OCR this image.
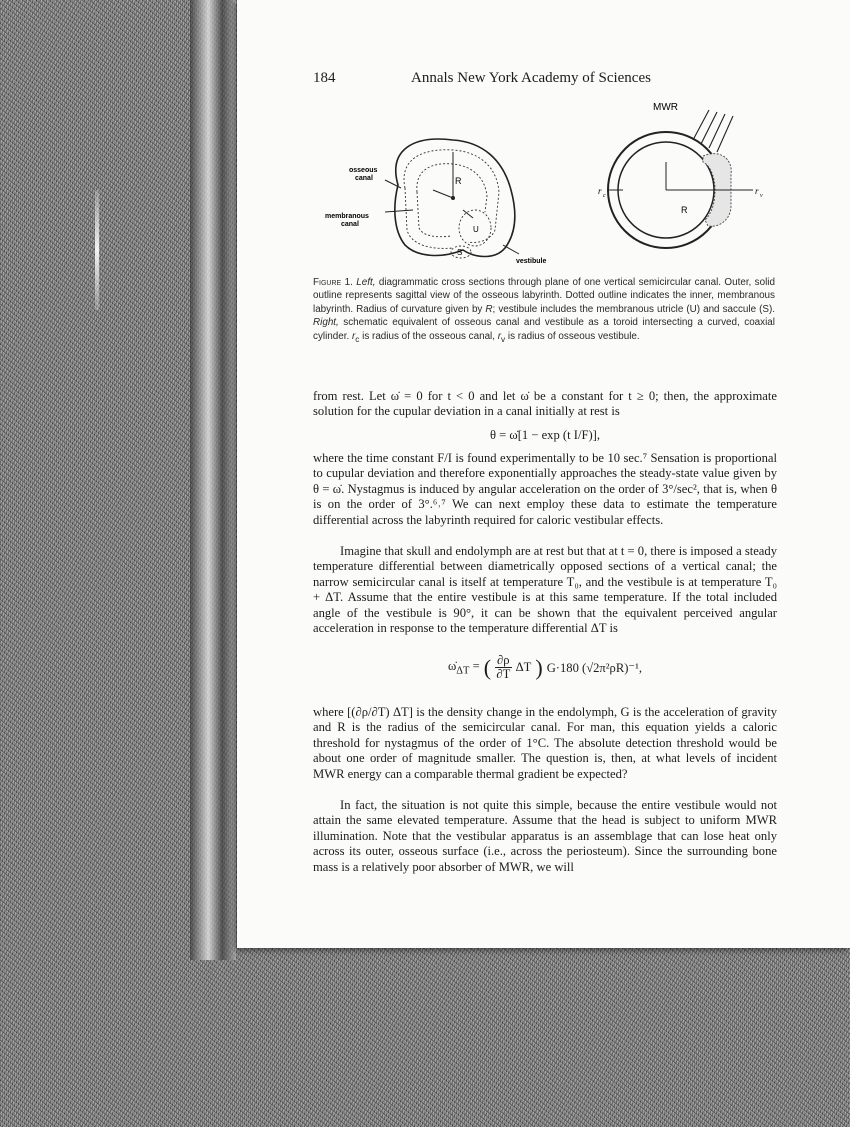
184	Annals New York Academy of Sciences
osseous
canal
membranous
canal
R
U
S
vestibule
MWR
r c
R
r v
Figure 1. Left, diagrammatic cross sections through plane of one vertical semicircular canal. Outer, solid outline represents sagittal view of the osseous labyrinth. Dotted outline indicates the inner, membranous labyrinth. Radius of curvature given by R; vestibule includes the membranous utricle (U) and saccule (S). Right, schematic equivalent of osseous canal and vestibule as a toroid intersecting a curved, coaxial cylinder. $r_c$ is radius of the osseous canal, $r_v$ is radius of osseous vestibule.

from rest. Let ω̇ = 0 for t < 0 and let ω̇ be a constant for t ≥ 0; then, the approximate solution for the cupular deviation in a canal initially at rest is

θ = ω̇[1 − exp (t I/F)],

where the time constant F/I is found experimentally to be 10 sec.⁷ Sensation is proportional to cupular deviation and therefore exponentially approaches the steady-state value given by θ = ω̇. Nystagmus is induced by angular acceleration on the order of 3°/sec², that is, when θ is on the order of 3°.⁶˒⁷ We can next employ these data to estimate the temperature differential across the labyrinth required for caloric vestibular effects.

Imagine that skull and endolymph are at rest but that at t = 0, there is imposed a steady temperature differential between diametrically opposed sections of a vertical canal; the narrow semicircular canal is itself at temperature T₀, and the vestibule is at temperature T₀ + ΔT. Assume that the entire vestibule is at this same temperature. If the total included angle of the vestibule is 90°, it can be shown that the equivalent perceived angular acceleration in response to the temperature differential ΔT is

$\omegȧ_{\Delta T}$ = ( $\frac{\partial\rho}{\partial T}$ ΔT ) G·180 (√2π²ρR)⁻¹,

where [(∂ρ/∂T) ΔT] is the density change in the endolymph, G is the acceleration of gravity and R is the radius of the semicircular canal. For man, this equation yields a caloric threshold for nystagmus of the order of 1°C. The absolute detection threshold would be about one order of magnitude smaller. The question is, then, at what levels of incident MWR energy can a comparable thermal gradient be expected?

In fact, the situation is not quite this simple, because the entire vestibule would not attain the same elevated temperature. Assume that the head is subject to uniform MWR illumination. Note that the vestibular apparatus is an assemblage that can lose heat only across its outer, osseous surface (i.e., across the periosteum). Since the surrounding bone mass is a relatively poor absorber of MWR, we will
